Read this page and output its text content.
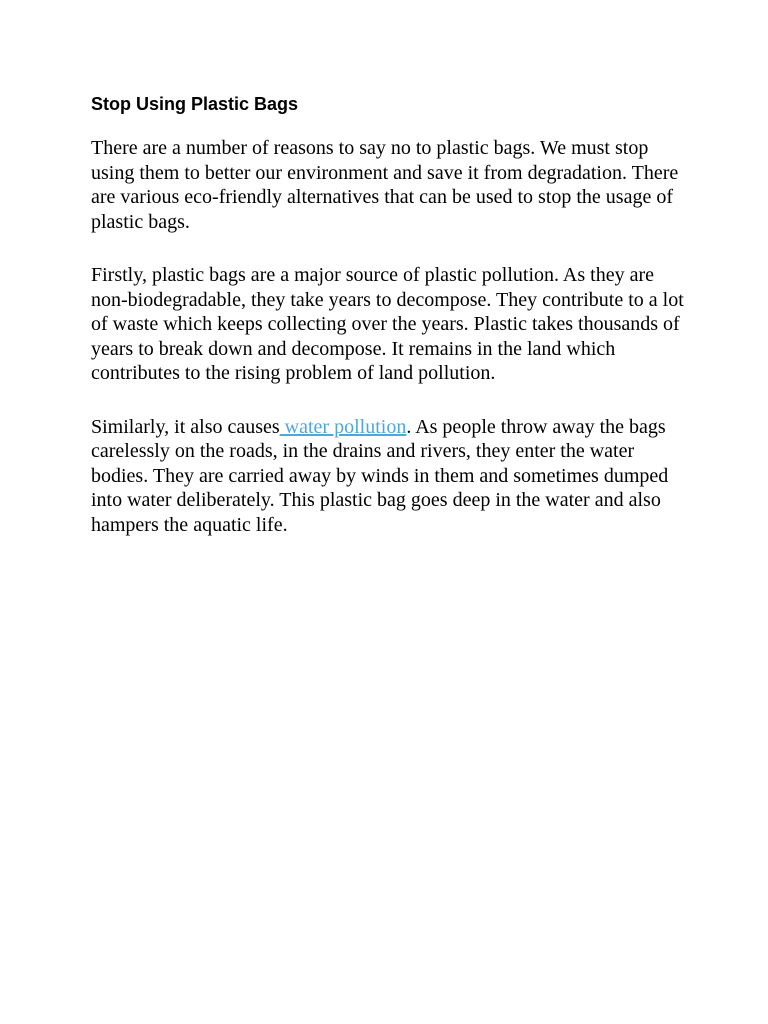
Stop Using Plastic Bags

There are a number of reasons to say no to plastic bags. We must stop using them to better our environment and save it from degradation. There are various eco-friendly alternatives that can be used to stop the usage of plastic bags.

Firstly, plastic bags are a major source of plastic pollution. As they are non-biodegradable, they take years to decompose. They contribute to a lot of waste which keeps collecting over the years. Plastic takes thousands of years to break down and decompose. It remains in the land which contributes to the rising problem of land pollution.

Similarly, it also causes water pollution. As people throw away the bags carelessly on the roads, in the drains and rivers, they enter the water bodies. They are carried away by winds in them and sometimes dumped into water deliberately. This plastic bag goes deep in the water and also hampers the aquatic life.
